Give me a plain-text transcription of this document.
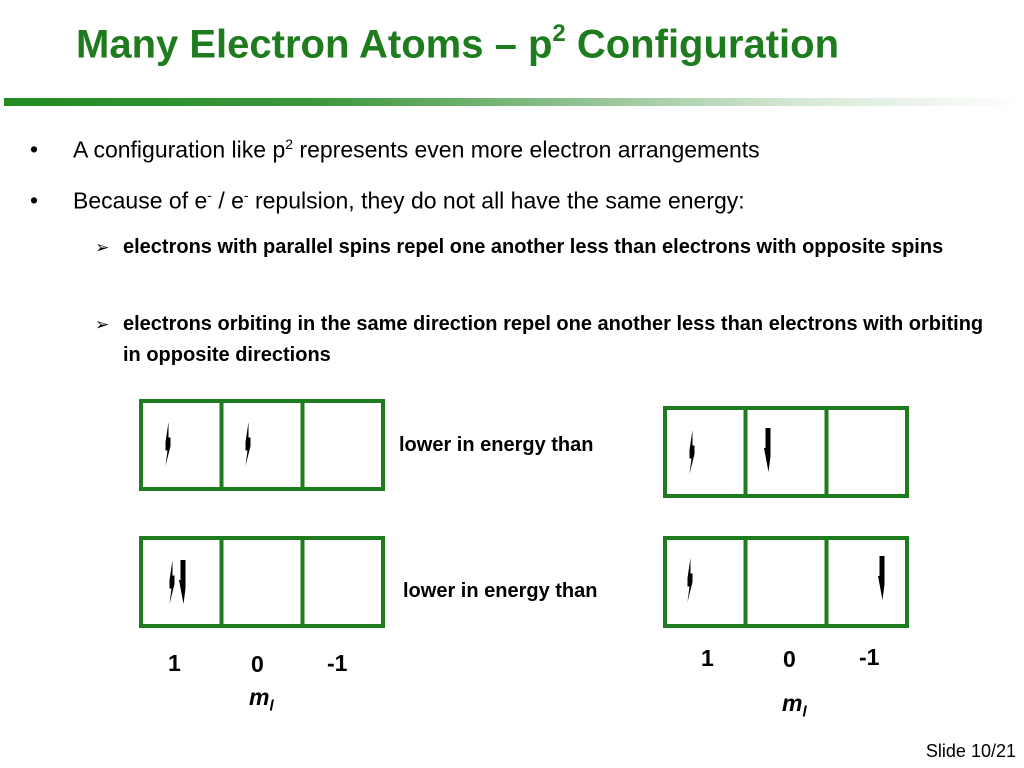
Many Electron Atoms – $p^2$ Configuration
• A configuration like $p^2$ represents even more electron arrangements
• Because of e- / e- repulsion, they do not all have the same energy:
➢ electrons with parallel spins repel one another less than electrons with opposite spins
➢ electrons orbiting in the same direction repel one another less than electrons with orbiting in opposite directions
lower in energy than
lower in energy than
1	0	-1
$m_l$
1	0	-1
$m_l$
Slide 10/21
